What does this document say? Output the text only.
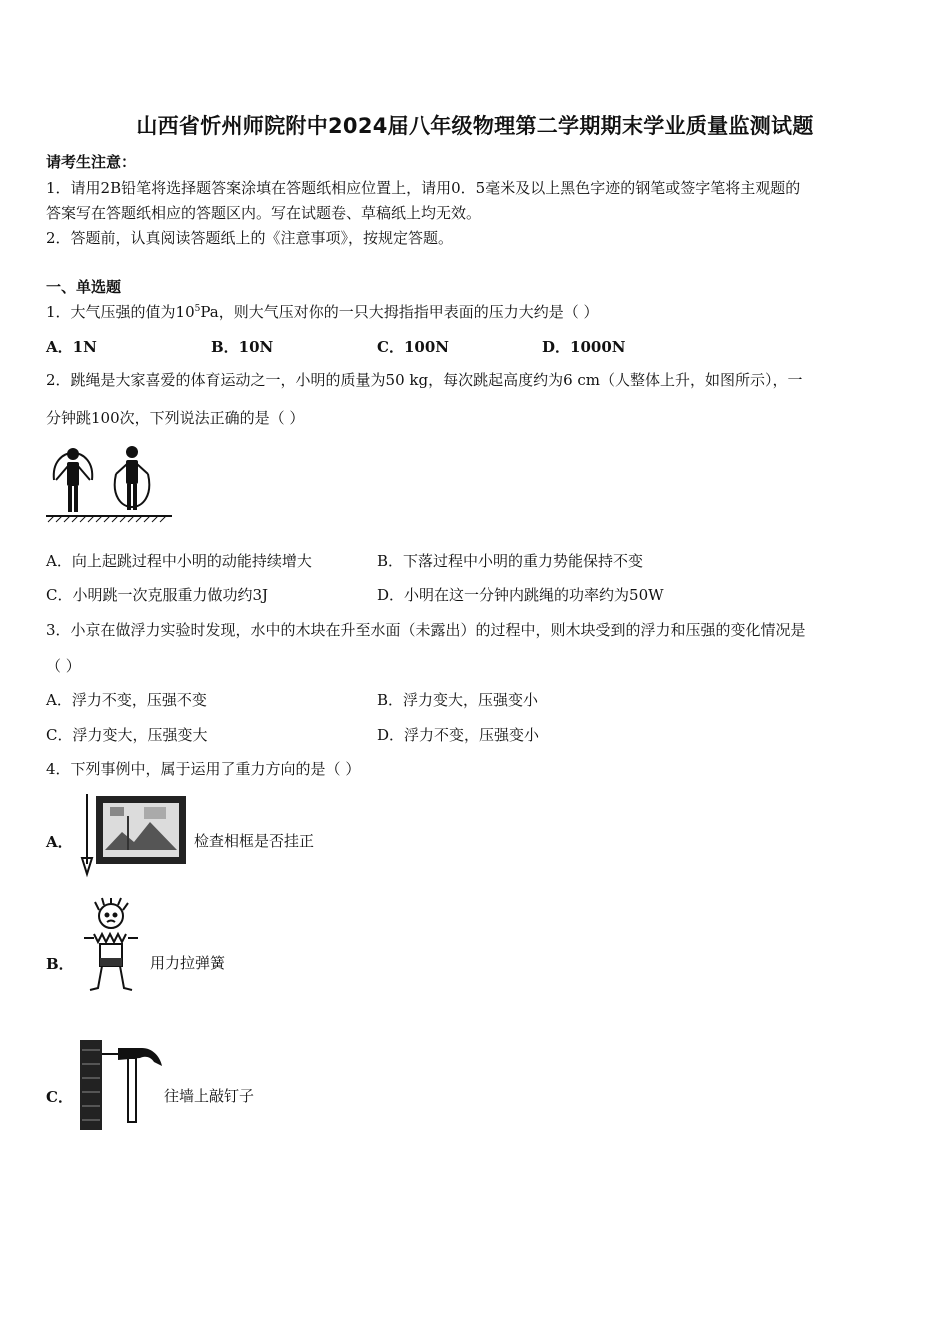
山西省忻州师院附中2024届八年级物理第二学期期末学业质量监测试题
请考生注意：
1．请用2B铅笔将选择题答案涂填在答题纸相应位置上，请用0．5毫米及以上黑色字迹的钢笔或签字笔将主观题的
答案写在答题纸相应的答题区内。写在试题卷、草稿纸上均无效。
2．答题前，认真阅读答题纸上的《注意事项》，按规定答题。
一、单选题
1．大气压强的值为$10^5Pa$，则大气压对你的一只大拇指指甲表面的压力大约是（ ）
A．1N	B．10N	C．100N	D．1000N
2．跳绳是大家喜爱的体育运动之一，小明的质量为50 kg，每次跳起高度约为6 cm（人整体上升，如图所示），一
分钟跳100次，下列说法正确的是（ ）
A．向上起跳过程中小明的动能持续增大	B．下落过程中小明的重力势能保持不变
C．小明跳一次克服重力做功约3J	D．小明在这一分钟内跳绳的功率约为50W
3．小京在做浮力实验时发现，水中的木块在升至水面（未露出）的过程中，则木块受到的浮力和压强的变化情况是
（ ）
A．浮力不变，压强不变	B．浮力变大，压强变小
C．浮力变大，压强变大	D．浮力不变，压强变小
4．下列事例中，属于运用了重力方向的是（ ）
A．	检查相框是否挂正
B．	用力拉弹簧
C．	往墙上敲钉子
